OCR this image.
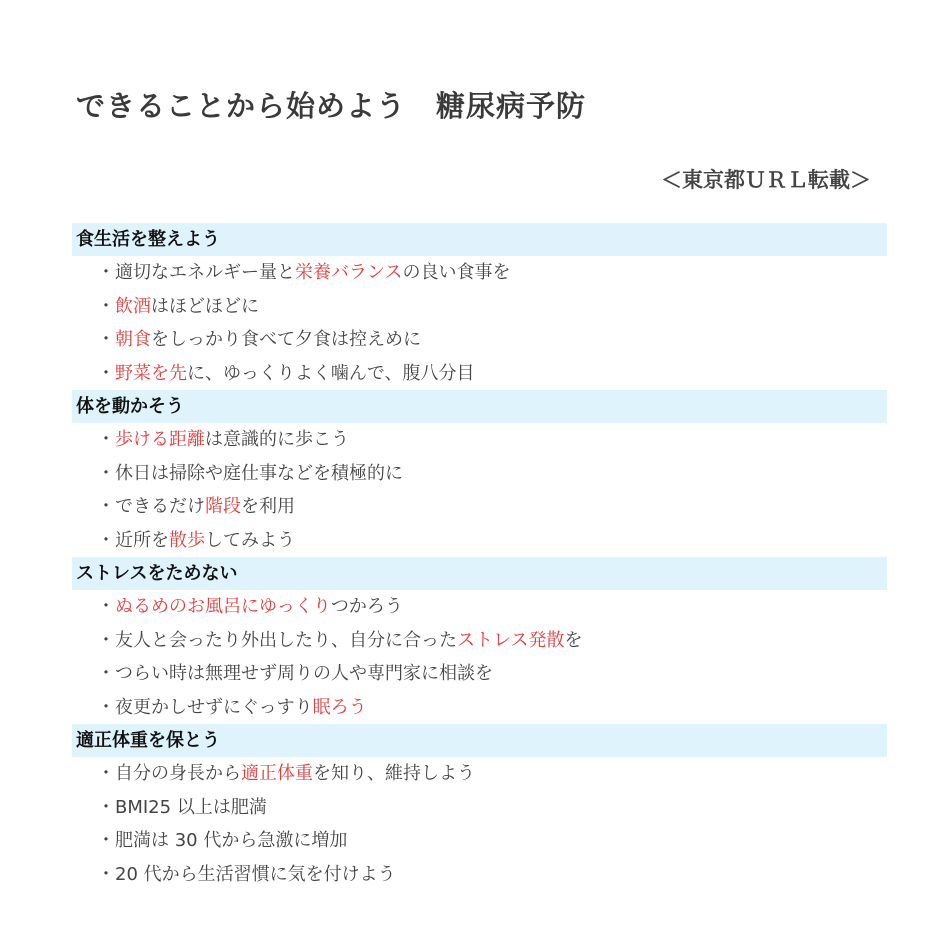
できることから始めよう　糖尿病予防
＜東京都ＵＲＬ転載＞
食生活を整えよう
・適切なエネルギー量と栄養バランスの良い食事を
・飲酒はほどほどに
・朝食をしっかり食べて夕食は控えめに
・野菜を先に、ゆっくりよく噛んで、腹八分目
体を動かそう
・歩ける距離は意識的に歩こう
・休日は掃除や庭仕事などを積極的に
・できるだけ階段を利用
・近所を散歩してみよう
ストレスをためない
・ぬるめのお風呂にゆっくりつかろう
・友人と会ったり外出したり、自分に合ったストレス発散を
・つらい時は無理せず周りの人や専門家に相談を
・夜更かしせずにぐっすり眠ろう
適正体重を保とう
・自分の身長から適正体重を知り、維持しよう
・BMI25 以上は肥満
・肥満は 30 代から急激に増加
・20 代から生活習慣に気を付けよう
